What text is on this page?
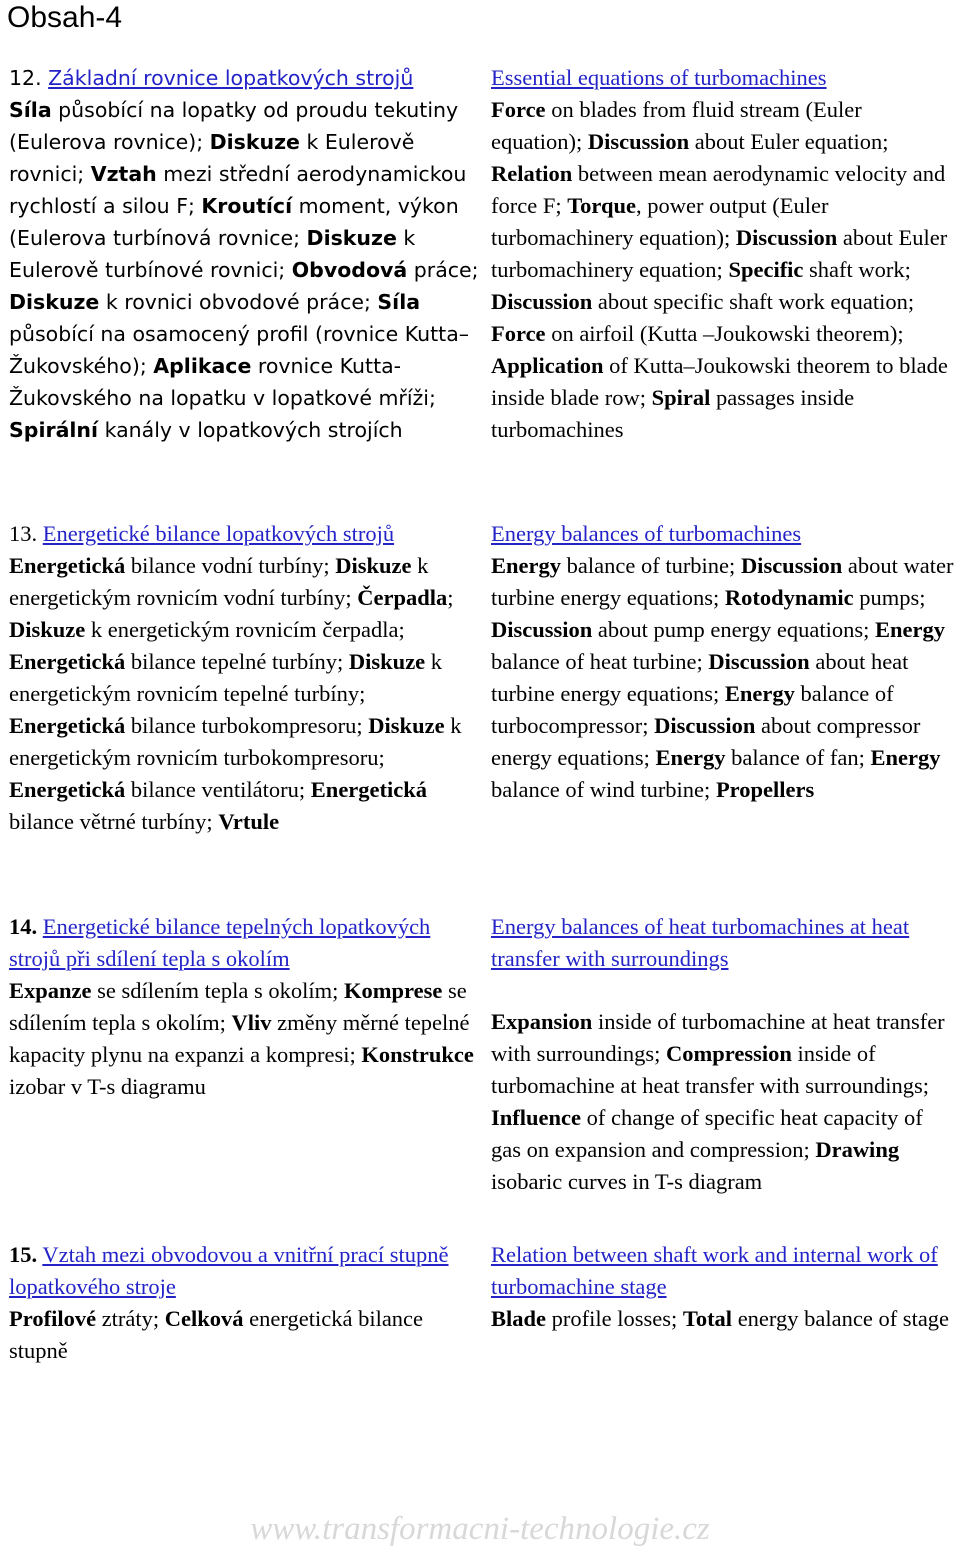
Obsah-4

12. Základní rovnice lopatkových strojů

Síla působící na lopatky od proudu tekutiny (Eulerova rovnice); Diskuze k Eulerově rovnici; Vztah mezi střední aerodynamickou rychlostí a silou F; Kroutící moment, výkon (Eulerova turbínová rovnice; Diskuze k Eulerově turbínové rovnici; Obvodová práce; Diskuze k rovnici obvodové práce; Síla působící na osamocený profil (rovnice Kutta–Žukovského); Aplikace rovnice Kutta-Žukovského na lopatku v lopatkové mříži; Spirální kanály v lopatkových strojích

13. Energetické bilance lopatkových strojů

Energetická bilance vodní turbíny; Diskuze k energetickým rovnicím vodní turbíny; Čerpadla; Diskuze k energetickým rovnicím čerpadla; Energetická bilance tepelné turbíny; Diskuze k energetickým rovnicím tepelné turbíny; Energetická bilance turbokompresoru; Diskuze k energetickým rovnicím turbokompresoru; Energetická bilance ventilátoru; Energetická bilance větrné turbíny; Vrtule

14. Energetické bilance tepelných lopatkových strojů při sdílení tepla s okolím

Expanze se sdílením tepla s okolím; Komprese se sdílením tepla s okolím; Vliv změny měrné tepelné kapacity plynu na expanzi a kompresi; Konstrukce izobar v T-s diagramu

15. Vztah mezi obvodovou a vnitřní prací stupně lopatkového stroje

Profilové ztráty; Celková energetická bilance stupně

Essential equations of turbomachines

Force on blades from fluid stream (Euler equation); Discussion about Euler equation; Relation between mean aerodynamic velocity and force F; Torque, power output (Euler turbomachinery equation); Discussion about Euler turbomachinery equation; Specific shaft work; Discussion about specific shaft work equation; Force on airfoil (Kutta –Joukowski theorem); Application of Kutta–Joukowski theorem to blade inside blade row; Spiral passages inside turbomachines

Energy balances of turbomachines

Energy balance of turbine; Discussion about water turbine energy equations; Rotodynamic pumps; Discussion about pump energy equations; Energy balance of heat turbine; Discussion about heat turbine energy equations; Energy balance of turbocompressor; Discussion about compressor energy equations; Energy balance of fan; Energy balance of wind turbine; Propellers

Energy balances of heat turbomachines at heat transfer with surroundings

Expansion inside of turbomachine at heat transfer with surroundings; Compression inside of turbomachine at heat transfer with surroundings; Influence of change of specific heat capacity of gas on expansion and compression; Drawing isobaric curves in T-s diagram

Relation between shaft work and internal work of turbomachine stage

Blade profile losses; Total energy balance of stage

www.transformacni-technologie.cz
